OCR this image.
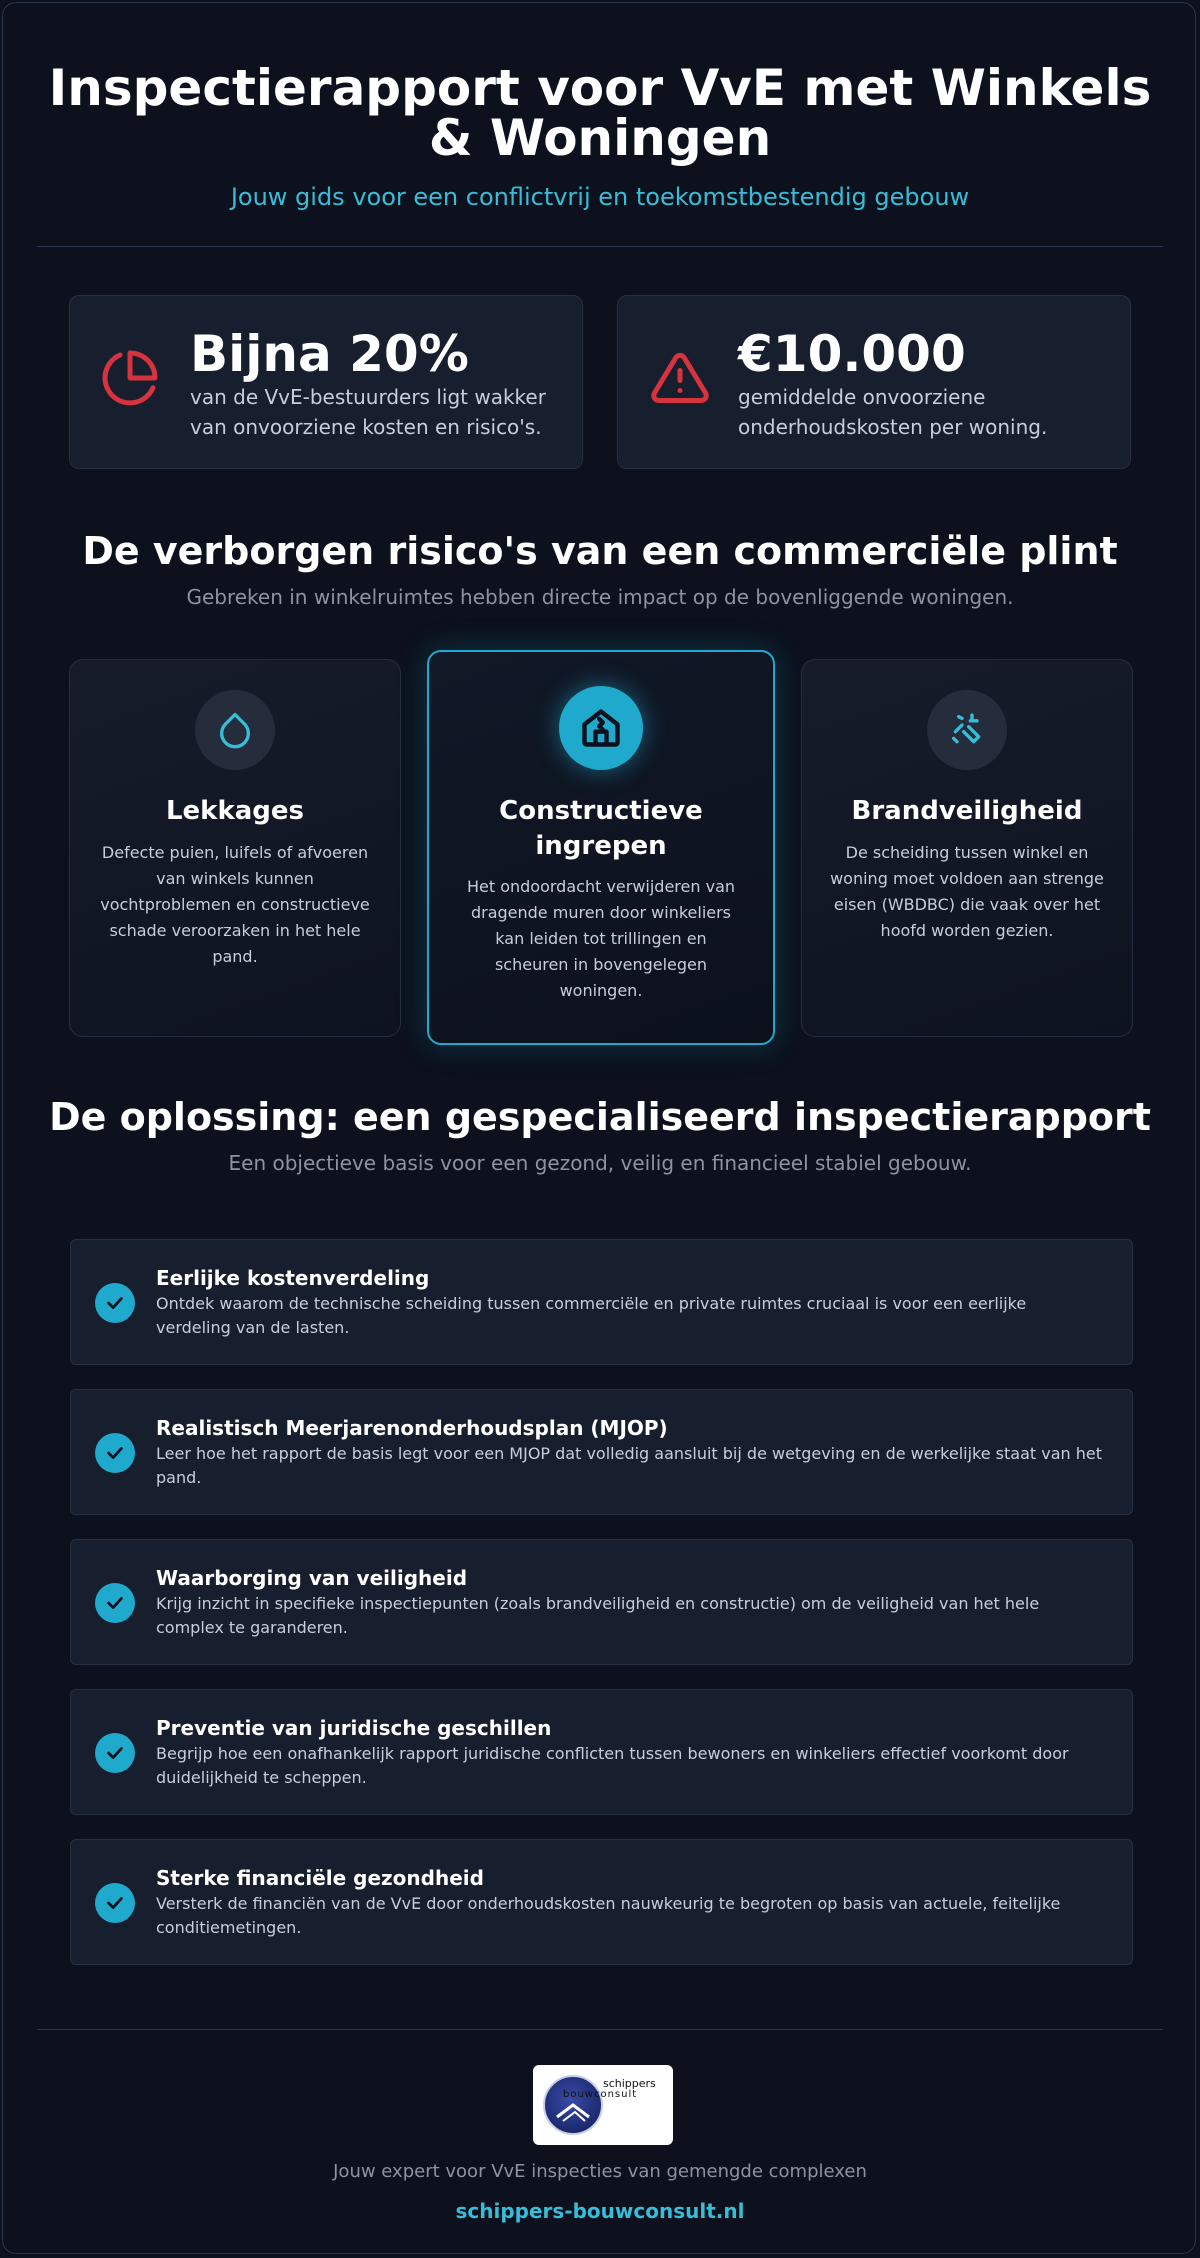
Inspectierapport voor VvE met Winkels & Woningen
Jouw gids voor een conflictvrij en toekomstbestendig gebouw
Bijna 20%
van de VvE-bestuurders ligt wakker van onvoorziene kosten en risico's.
€10.000
gemiddelde onvoorziene onderhoudskosten per woning.
De verborgen risico's van een commerciële plint
Gebreken in winkelruimtes hebben directe impact op de bovenliggende woningen.
Lekkages

Defecte puien, luifels of afvoeren van winkels kunnen vochtproblemen en constructieve schade veroorzaken in het hele pand.

Constructieve ingrepen

Het ondoordacht verwijderen van dragende muren door winkeliers kan leiden tot trillingen en scheuren in bovengelegen woningen.

Brandveiligheid

De scheiding tussen winkel en woning moet voldoen aan strenge eisen (WBDBC) die vaak over het hoofd worden gezien.

De oplossing: een gespecialiseerd inspectierapport
Een objectieve basis voor een gezond, veilig en financieel stabiel gebouw.
Eerlijke kostenverdeling

Ontdek waarom de technische scheiding tussen commerciële en private ruimtes cruciaal is voor een eerlijke verdeling van de lasten.

Realistisch Meerjarenonderhoudsplan (MJOP)

Leer hoe het rapport de basis legt voor een MJOP dat volledig aansluit bij de wetgeving en de werkelijke staat van het pand.

Waarborging van veiligheid

Krijg inzicht in specifieke inspectiepunten (zoals brandveiligheid en constructie) om de veiligheid van het hele complex te garanderen.

Preventie van juridische geschillen

Begrijp hoe een onafhankelijk rapport juridische conflicten tussen bewoners en winkeliers effectief voorkomt door duidelijkheid te scheppen.

Sterke financiële gezondheid

Versterk de financiën van de VvE door onderhoudskosten nauwkeurig te begroten op basis van actuele, feitelijke conditiemetingen.

schippers
bouwconsult
Jouw expert voor VvE inspecties van gemengde complexen
schippers-bouwconsult.nl
